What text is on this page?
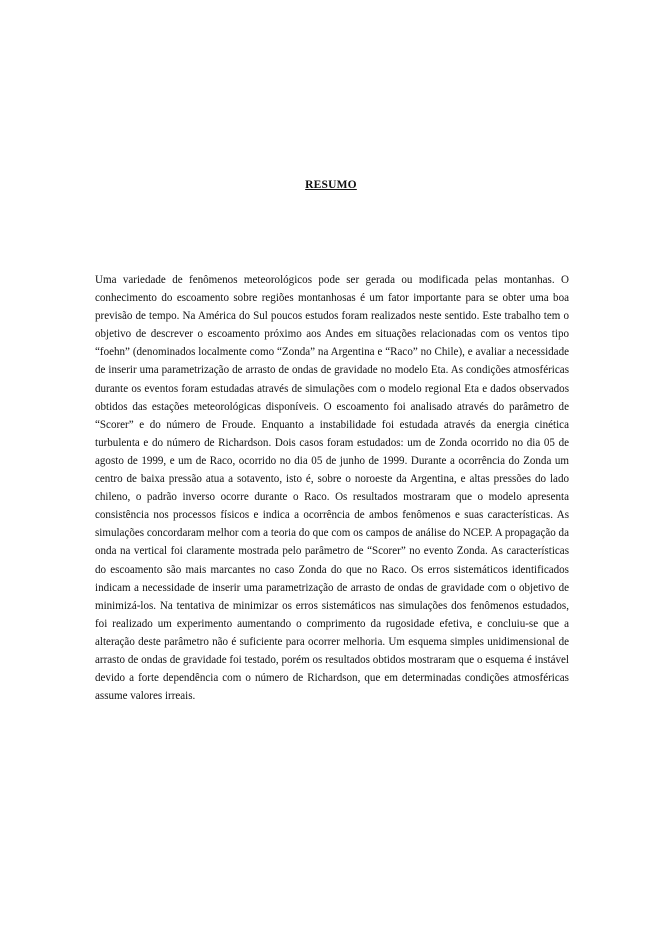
RESUMO

Uma variedade de fenômenos meteorológicos pode ser gerada ou modificada pelas montanhas. O conhecimento do escoamento sobre regiões montanhosas é um fator importante para se obter uma boa previsão de tempo. Na América do Sul poucos estudos foram realizados neste sentido. Este trabalho tem o objetivo de descrever o escoamento próximo aos Andes em situações relacionadas com os ventos tipo “foehn” (denominados localmente como “Zonda” na Argentina e “Raco” no Chile), e avaliar a necessidade de inserir uma parametrização de arrasto de ondas de gravidade no modelo Eta. As condições atmosféricas durante os eventos foram estudadas através de simulações com o modelo regional Eta e dados observados obtidos das estações meteorológicas disponíveis. O escoamento foi analisado através do parâmetro de “Scorer” e do número de Froude. Enquanto a instabilidade foi estudada através da energia cinética turbulenta e do número de Richardson. Dois casos foram estudados: um de Zonda ocorrido no dia 05 de agosto de 1999, e um de Raco, ocorrido no dia 05 de junho de 1999. Durante a ocorrência do Zonda um centro de baixa pressão atua a sotavento, isto é, sobre o noroeste da Argentina, e altas pressões do lado chileno, o padrão inverso ocorre durante o Raco. Os resultados mostraram que o modelo apresenta consistência nos processos físicos e indica a ocorrência de ambos fenômenos e suas características. As simulações concordaram melhor com a teoria do que com os campos de análise do NCEP. A propagação da onda na vertical foi claramente mostrada pelo parâmetro de “Scorer” no evento Zonda. As características do escoamento são mais marcantes no caso Zonda do que no Raco. Os erros sistemáticos identificados indicam a necessidade de inserir uma parametrização de arrasto de ondas de gravidade com o objetivo de minimizá-los. Na tentativa de minimizar os erros sistemáticos nas simulações dos fenômenos estudados, foi realizado um experimento aumentando o comprimento da rugosidade efetiva, e concluiu-se que a alteração deste parâmetro não é suficiente para ocorrer melhoria. Um esquema simples unidimensional de arrasto de ondas de gravidade foi testado, porém os resultados obtidos mostraram que o esquema é instável devido a forte dependência com o número de Richardson, que em determinadas condições atmosféricas assume valores irreais.
